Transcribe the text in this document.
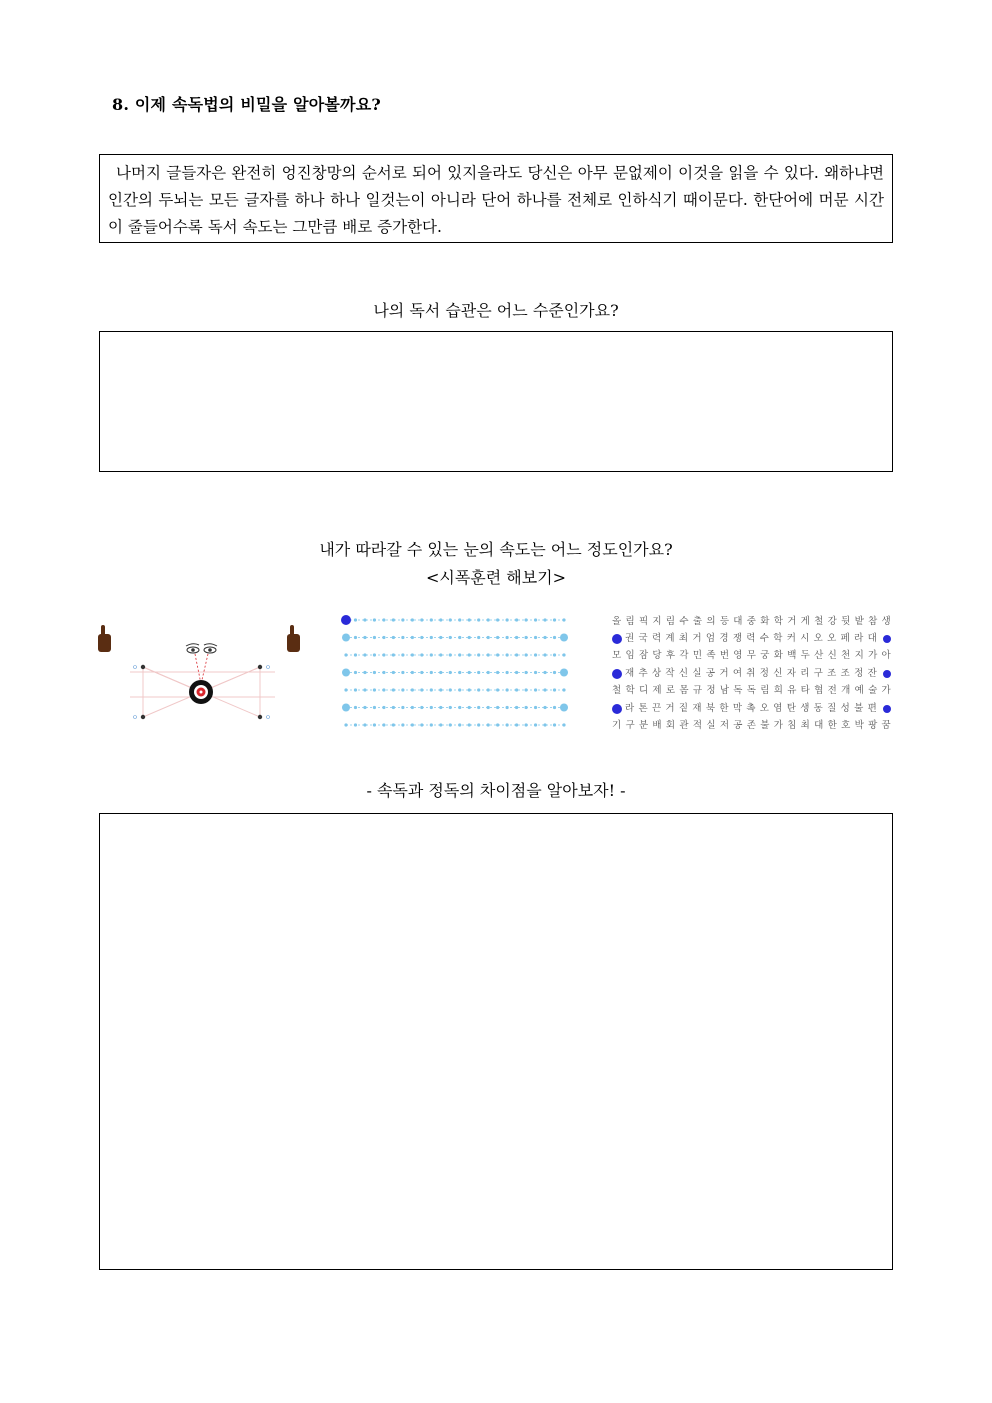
8. 이제 속독법의 비밀을 알아볼까요?

나머지 글들자은 완전히 엉진창망의 순서로 되어 있지을라도 당신은 아무 문없제이 이것을 읽을 수 있다. 왜하냐면 인간의 두뇌는 모든 글자를 하나 하나 일것는이 아니라 단어 하나를 전체로 인하식기 때이문다. 한단어에 머문 시간이 줄들어수록 독서 속도는 그만큼 배로 증가한다.

나의 독서 습관은 어느 수준인가요?
내가 따라갈 수 있는 눈의 속도는 어느 정도인가요?
<시폭훈련 해보기>
올림픽지림수출의등대중화학거게철강뒷밭참생
권국력계최거엄경쟁력수학커시오오페라대
모임잠당후각민족번영무궁화백두산신천지가아
재추상작신실공거여취정신자리구조조정잔
철학디제로몸규정남독독림희유타협전개예술가
라톤끈거짙재북한막촉오염탄생동질성불편
기구분배회관적실저공존불가침최대한호박팡꿈
- 속독과 정독의 차이점을 알아보자! -
